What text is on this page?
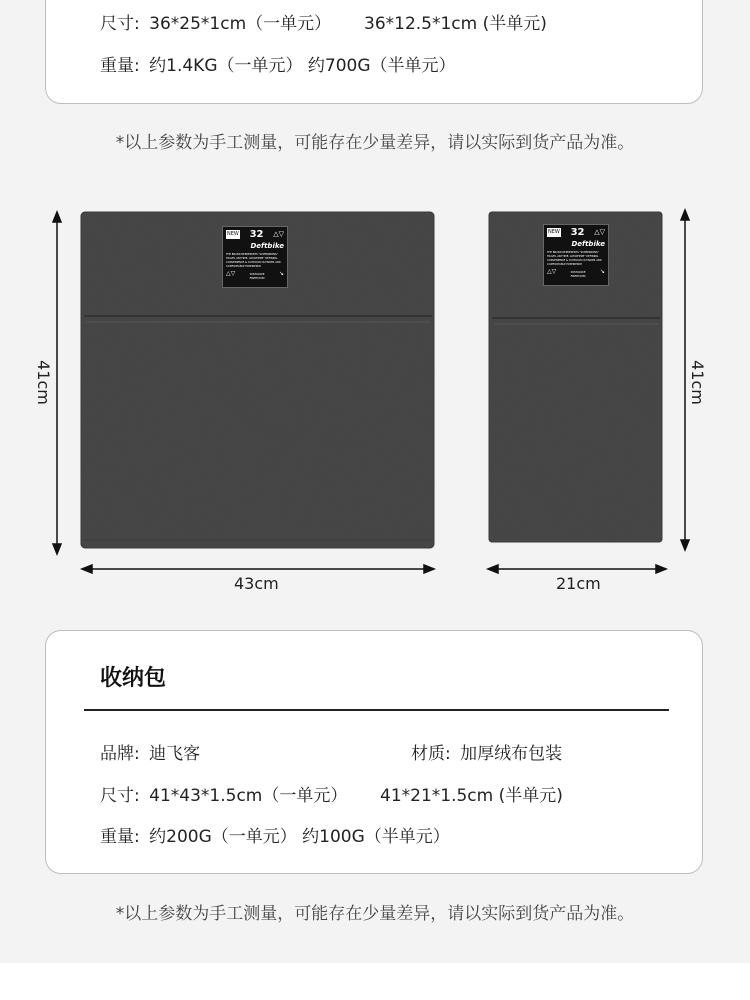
尺寸: 36*25*1cm（一单元） 36*12.5*1cm (半单元)
重量: 约1.4KG（一单元） 约700G（半单元）
*以上参数为手工测量，可能存在少量差异，请以实际到货产品为准。
NEW 32 △▽
Deftbike
THE BRAND REPRESENTS "SUPERRIDING"
TRAVEL ANYTIME, ANYWHERE" DEFINING
CONVENIENCE & OUTDOOR OUTSIDER AND
COMFORTABLE EXPERIENCE
△▽	DISTANCE
FREEDOM
↘
NEW 32 △▽
Deftbike
THE BRAND REPRESENTS "SUPERRIDING"
TRAVEL ANYTIME, ANYWHERE" DEFINING
CONVENIENCE & OUTDOOR OUTSIDER AND
COMFORTABLE EXPERIENCE
△▽	DISTANCE
FREEDOM
↘
41cm
43cm
41cm
21cm
收纳包
品牌: 迪飞客	材质: 加厚绒布包装
尺寸: 41*43*1.5cm（一单元） 41*21*1.5cm (半单元)
重量: 约200G（一单元） 约100G（半单元）
*以上参数为手工测量，可能存在少量差异，请以实际到货产品为准。
